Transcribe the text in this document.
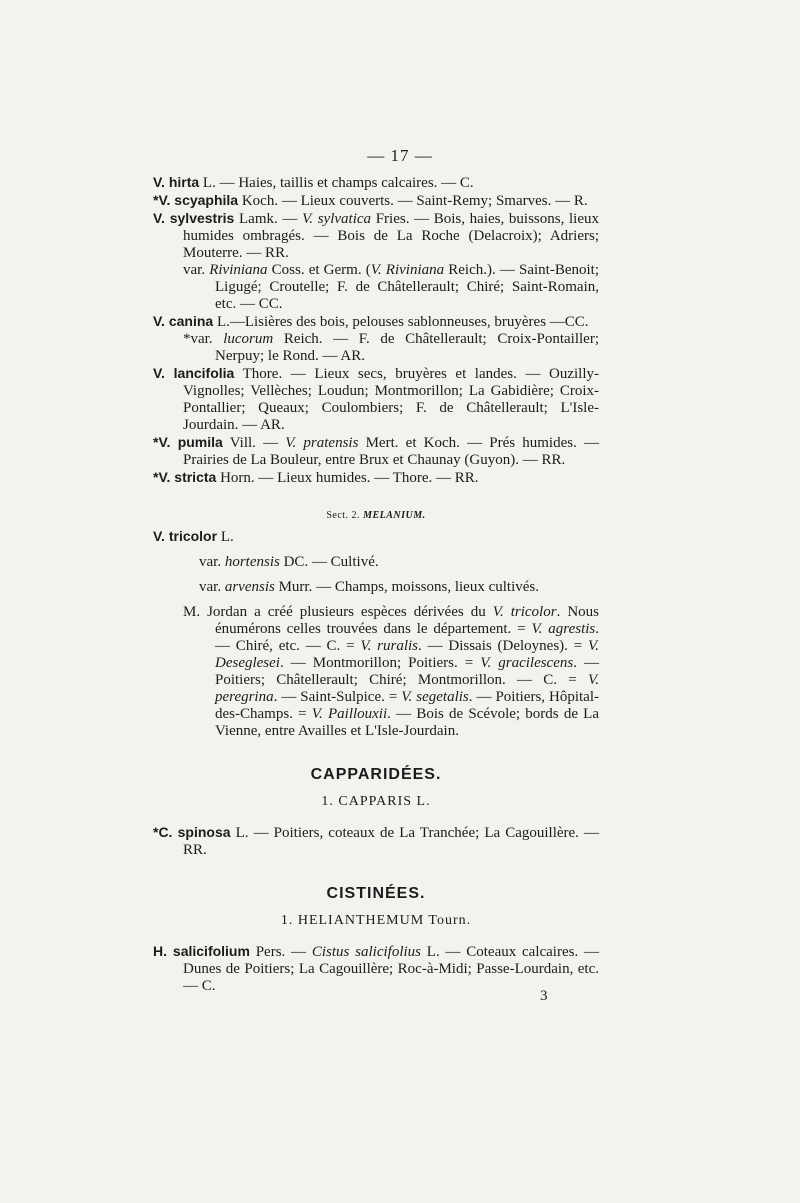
— 17 —

V. hirta L. — Haies, taillis et champs calcaires. — C.

*V. scyaphila Koch. — Lieux couverts. — Saint-Remy; Smarves. — R.

V. sylvestris Lamk. — V. sylvatica Fries. — Bois, haies, buissons, lieux humides ombragés. — Bois de La Roche (Delacroix); Adriers; Mouterre. — RR.

var. Riviniana Coss. et Germ. (V. Riviniana Reich.). — Saint-Benoit; Ligugé; Croutelle; F. de Châtellerault; Chiré; Saint-Romain, etc. — CC.

V. canina L.—Lisières des bois, pelouses sablonneuses, bruyères —CC.

*var. lucorum Reich. — F. de Châtellerault; Croix-Pontailler; Nerpuy; le Rond. — AR.

V. lancifolia Thore. — Lieux secs, bruyères et landes. — Ouzilly-Vignolles; Vellèches; Loudun; Montmorillon; La Gabidière; Croix-Pontallier; Queaux; Coulombiers; F. de Châtellerault; L'Isle-Jourdain. — AR.

*V. pumila Vill. — V. pratensis Mert. et Koch. — Prés humides. — Prairies de La Bouleur, entre Brux et Chaunay (Guyon). — RR.

*V. stricta Horn. — Lieux humides. — Thore. — RR.

Sect. 2. MELANIUM.

V. tricolor L.

var. hortensis DC. — Cultivé.

var. arvensis Murr. — Champs, moissons, lieux cultivés.

M. Jordan a créé plusieurs espèces dérivées du V. tricolor. Nous énumérons celles trouvées dans le département. = V. agrestis. — Chiré, etc. — C. = V. ruralis. — Dissais (Deloynes). = V. Deseglesei. — Montmorillon; Poitiers. = V. gracilescens. — Poitiers; Châtellerault; Chiré; Montmorillon. — C. = V. peregrina. — Saint-Sulpice. = V. segetalis. — Poitiers, Hôpital-des-Champs. = V. Paillouxii. — Bois de Scévole; bords de La Vienne, entre Availles et L'Isle-Jourdain.

CAPPARIDÉES.

1. CAPPARIS L.

*C. spinosa L. — Poitiers, coteaux de La Tranchée; La Cagouillère. — RR.

CISTINÉES.

1. HELIANTHEMUM Tourn.

H. salicifolium Pers. — Cistus salicifolius L. — Coteaux calcaires. — Dunes de Poitiers; La Cagouillère; Roc-à-Midi; Passe-Lourdain, etc. — C.

3
